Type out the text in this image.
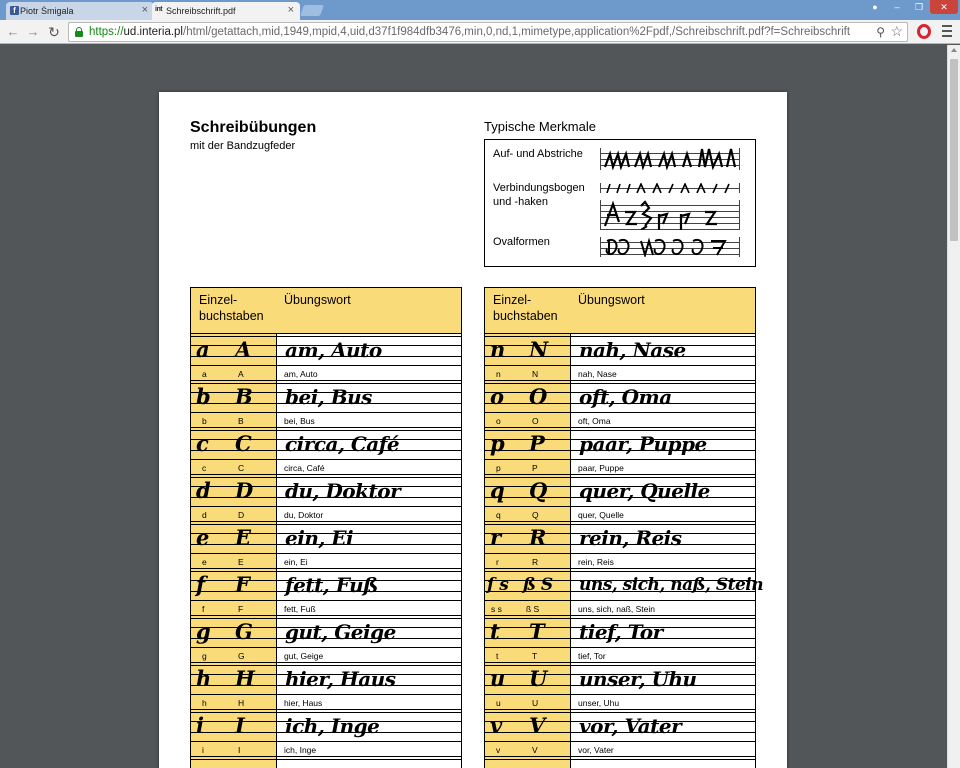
f Piotr Śmigala	× int Schreibschrift.pdf	×	●	–	❐	✕
← → ↻	https://ud.interia.pl/html/getattach,mid,1949,mpid,4,uid,d37f1f984dfb3476,min,0,nd,1,mimetype,application%2Fpdf,/Schreibschrift.pdf?f=Schreibschrift	⚲ ☆
Schreibübungen
mit der Bandzugfeder
Typische Merkmale
Auf- und Abstriche
Verbindungsbogen und -haken
Ovalformen
Einzel-buchstaben
Übungswort
a A am, Auto
a	A	am, Auto
b B bei, Bus
b	B	bei, Bus
c C circa, Café
c	C	circa, Café
d D du, Doktor
d	D	du, Doktor
e E ein, Ei
e	E	ein, Ei
f F fett, Fuß
f	F	fett, Fuß
g G gut, Geige
g	G	gut, Geige
h H hier, Haus
h	H	hier, Haus
i I ich, Inge
i	I	ich, Inge
Einzel-buchstaben
Übungswort
n N nah, Nase
n	N	nah, Nase
o O oft, Oma
o	O	oft, Oma
p P paar, Puppe
p	P	paar, Puppe
q Q quer, Quelle
q	Q	quer, Quelle
r R rein, Reis
r	R	rein, Reis
ſ s ß S uns, sich, naß, Stein
s s	ß S	uns, sich, naß, Stein
t T tief, Tor
t	T	tief, Tor
u U unser, Uhu
u	U	unser, Uhu
v V vor, Vater
v	V	vor, Vater
